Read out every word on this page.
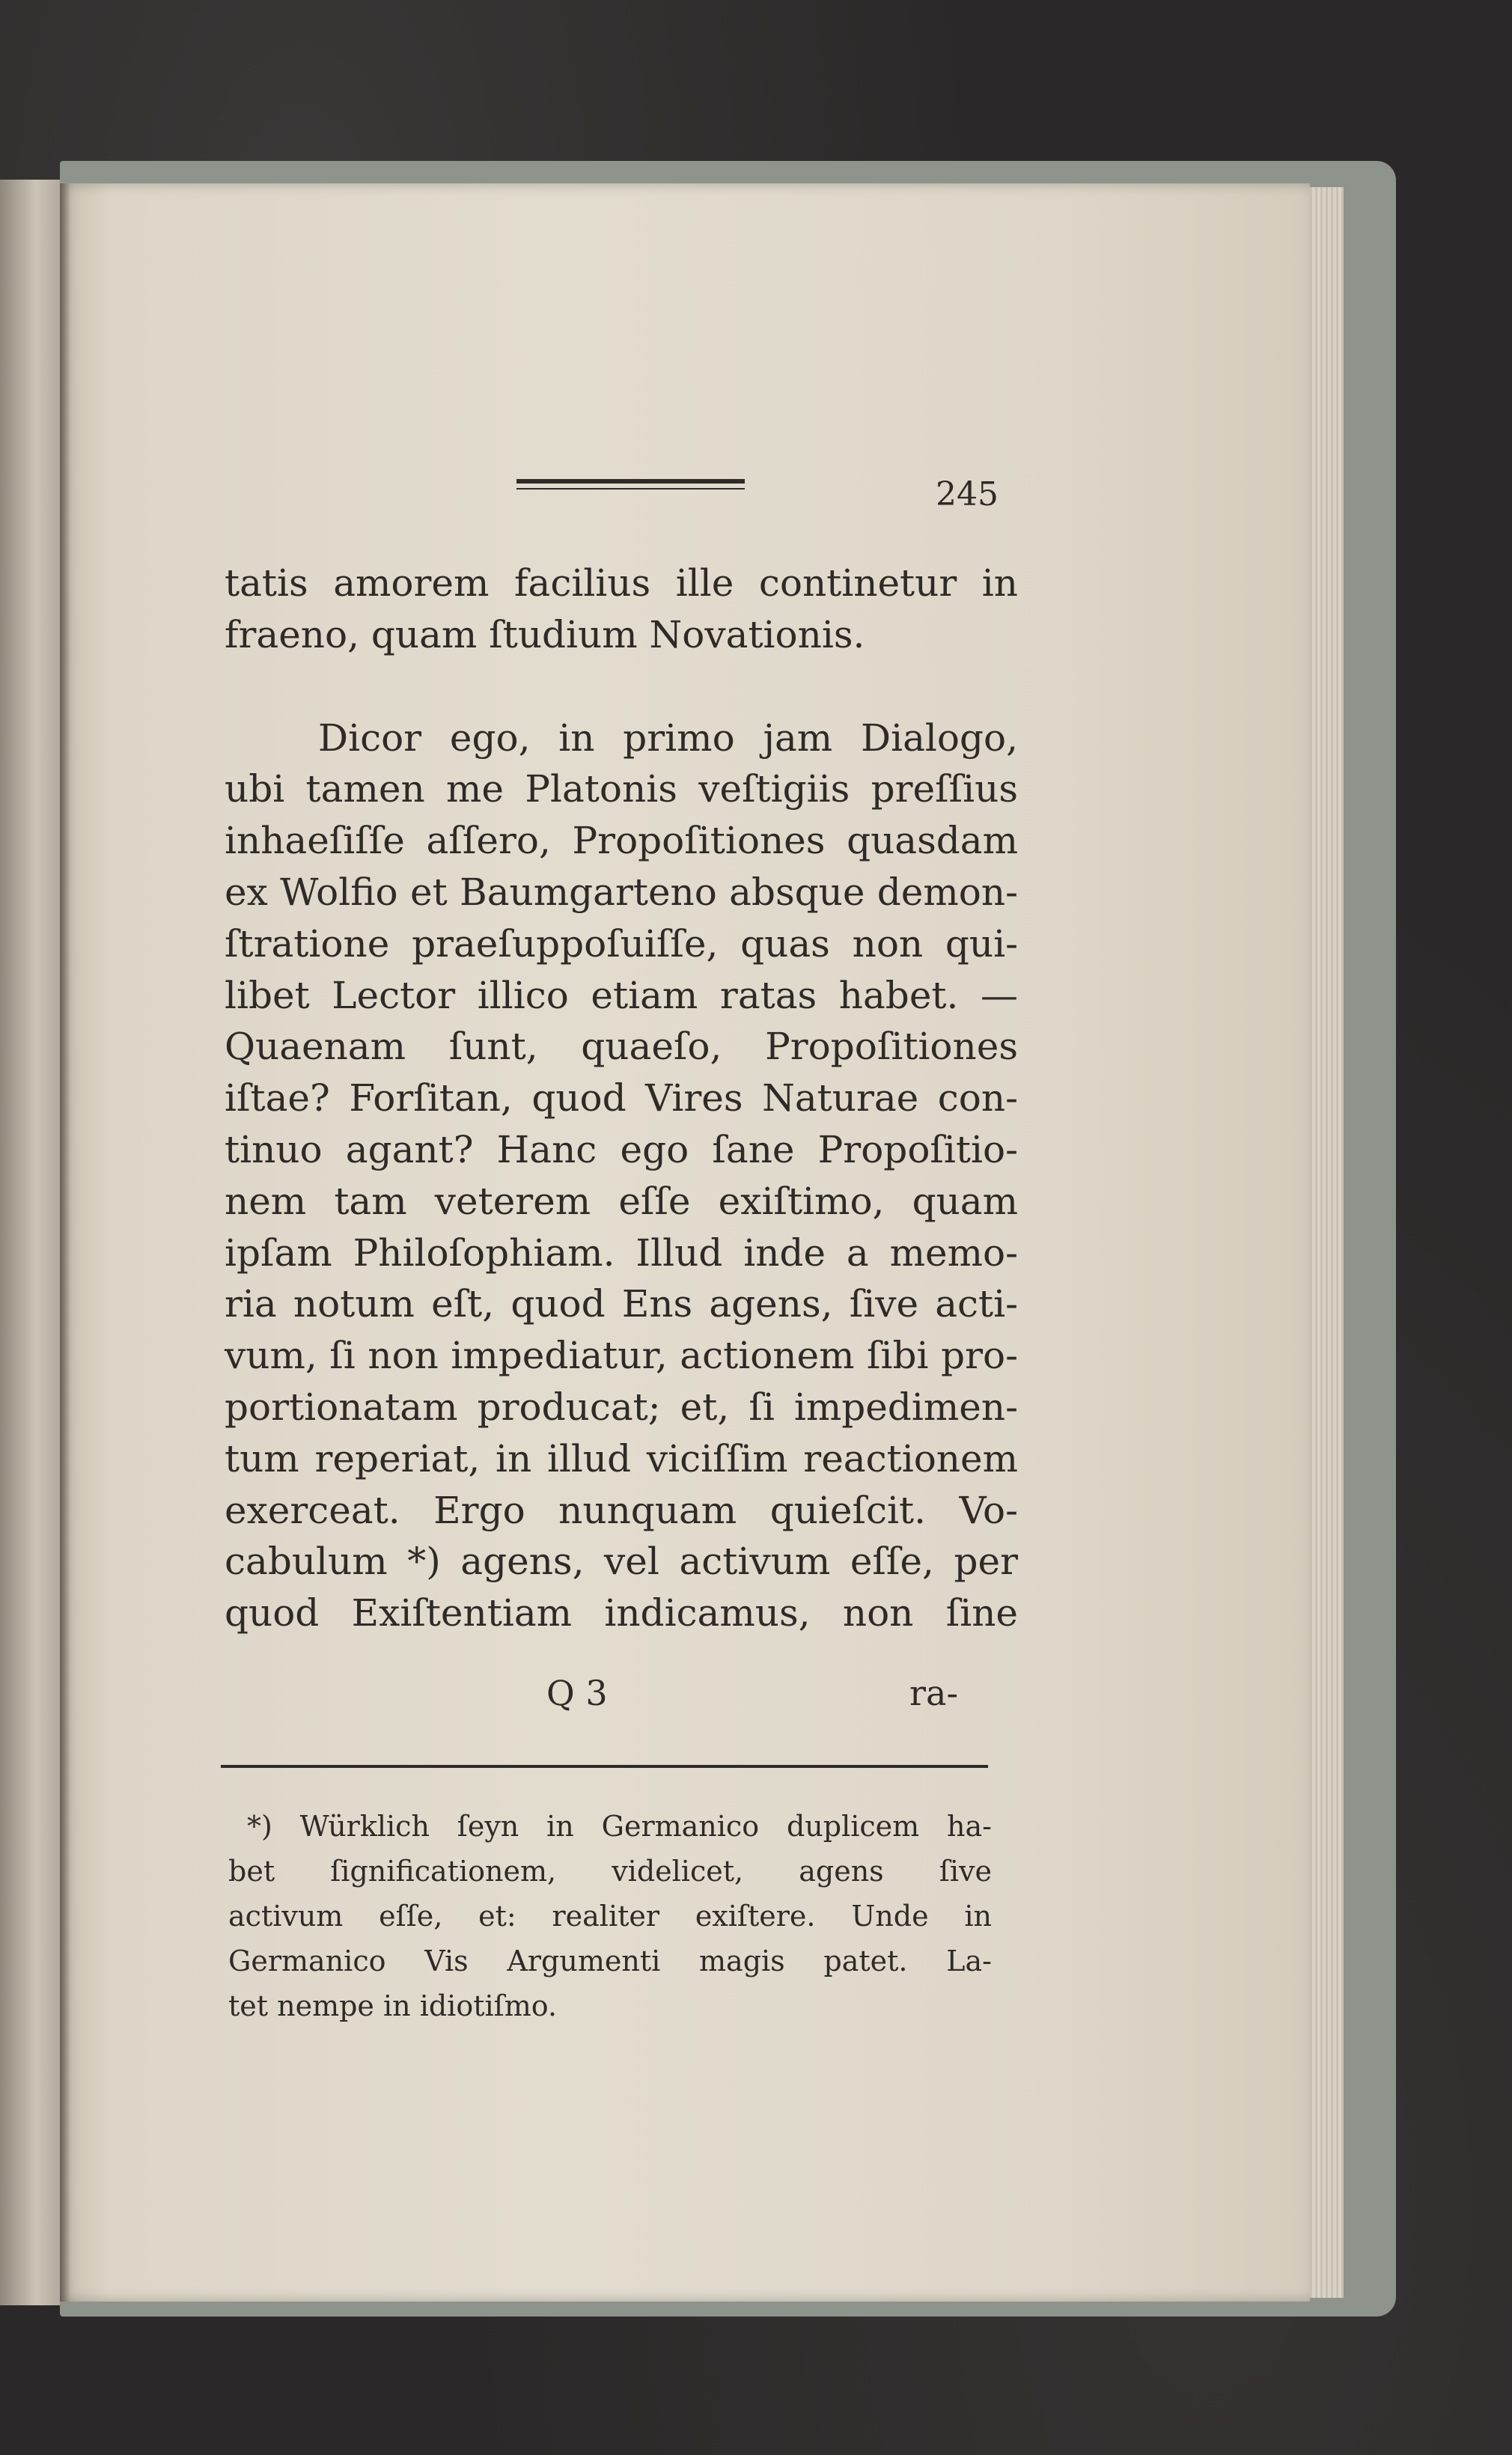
245
tatis amorem facilius ille continetur in
fraeno, quam ſtudium Novationis.
Dicor ego, in primo jam Dialogo,
ubi tamen me Platonis veſtigiis preſſius
inhaeſiſſe aſſero, Propoſitiones quasdam
ex Wolfio et Baumgarteno absque demon-
ſtratione praeſuppoſuiſſe, quas non qui-
libet Lector illico etiam ratas habet. —
Quaenam ſunt, quaeſo, Propoſitiones
iſtae? Forſitan, quod Vires Naturae con-
tinuo agant? Hanc ego ſane Propoſitio-
nem tam veterem eſſe exiſtimo, quam
ipſam Philoſophiam. Illud inde a memo-
ria notum eſt, quod Ens agens, ſive acti-
vum, ſi non impediatur, actionem ſibi pro-
portionatam producat; et, ſi impedimen-
tum reperiat, in illud viciſſim reactionem
exerceat. Ergo nunquam quieſcit. Vo-
cabulum *) agens, vel activum eſſe, per
quod Exiſtentiam indicamus, non ſine
Q 3	ra-
*) Würklich ſeyn in Germanico duplicem ha-
bet ſignificationem, videlicet, agens ſive
activum eſſe, et: realiter exiſtere. Unde in
Germanico Vis Argumenti magis patet. La-
tet nempe in idiotiſmo.
